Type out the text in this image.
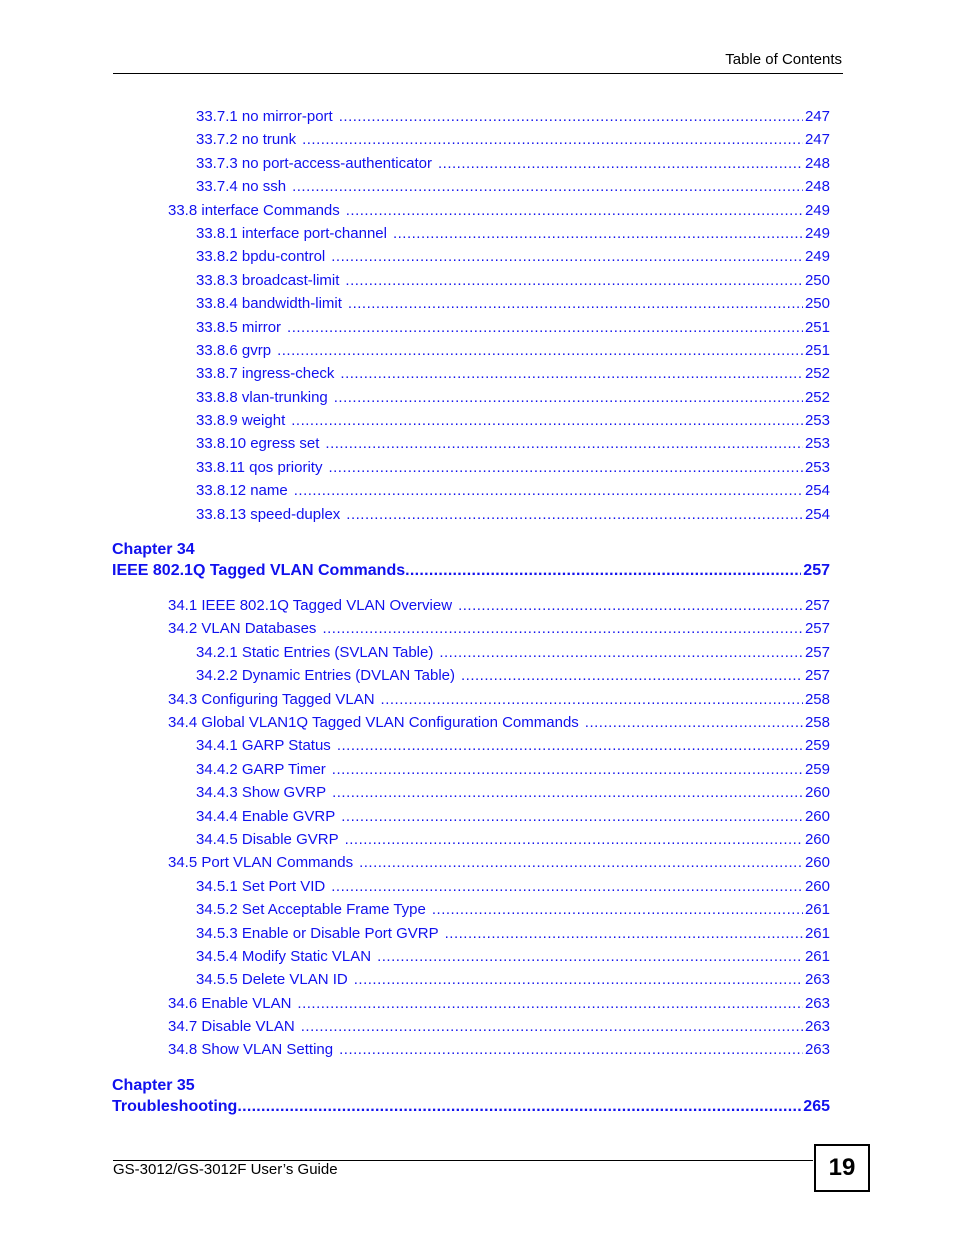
Table of Contents
33.7.1 no mirror-port .....	247
33.7.2 no trunk .....	247
33.7.3 no port-access-authenticator .....	248
33.7.4 no ssh .....	248
33.8 interface Commands .....	249
33.8.1 interface port-channel .....	249
33.8.2 bpdu-control .....	249
33.8.3 broadcast-limit .....	250
33.8.4 bandwidth-limit .....	250
33.8.5 mirror .....	251
33.8.6 gvrp .....	251
33.8.7 ingress-check .....	252
33.8.8 vlan-trunking .....	252
33.8.9 weight .....	253
33.8.10 egress set .....	253
33.8.11 qos priority .....	253
33.8.12 name .....	254
33.8.13 speed-duplex .....	254
Chapter 34
IEEE 802.1Q Tagged VLAN Commands .....	257
34.1 IEEE 802.1Q Tagged VLAN Overview .....	257
34.2 VLAN Databases .....	257
34.2.1 Static Entries (SVLAN Table) .....	257
34.2.2 Dynamic Entries (DVLAN Table) .....	257
34.3 Configuring Tagged VLAN .....	258
34.4 Global VLAN1Q Tagged VLAN Configuration Commands .....	258
34.4.1 GARP Status .....	259
34.4.2 GARP Timer .....	259
34.4.3 Show GVRP .....	260
34.4.4 Enable GVRP .....	260
34.4.5 Disable GVRP .....	260
34.5 Port VLAN Commands .....	260
34.5.1 Set Port VID .....	260
34.5.2 Set Acceptable Frame Type .....	261
34.5.3 Enable or Disable Port GVRP .....	261
34.5.4 Modify Static VLAN .....	261
34.5.5 Delete VLAN ID .....	263
34.6 Enable VLAN .....	263
34.7 Disable VLAN .....	263
34.8 Show VLAN Setting .....	263
Chapter 35
Troubleshooting .....	265
GS-3012/GS-3012F User’s Guide	19
